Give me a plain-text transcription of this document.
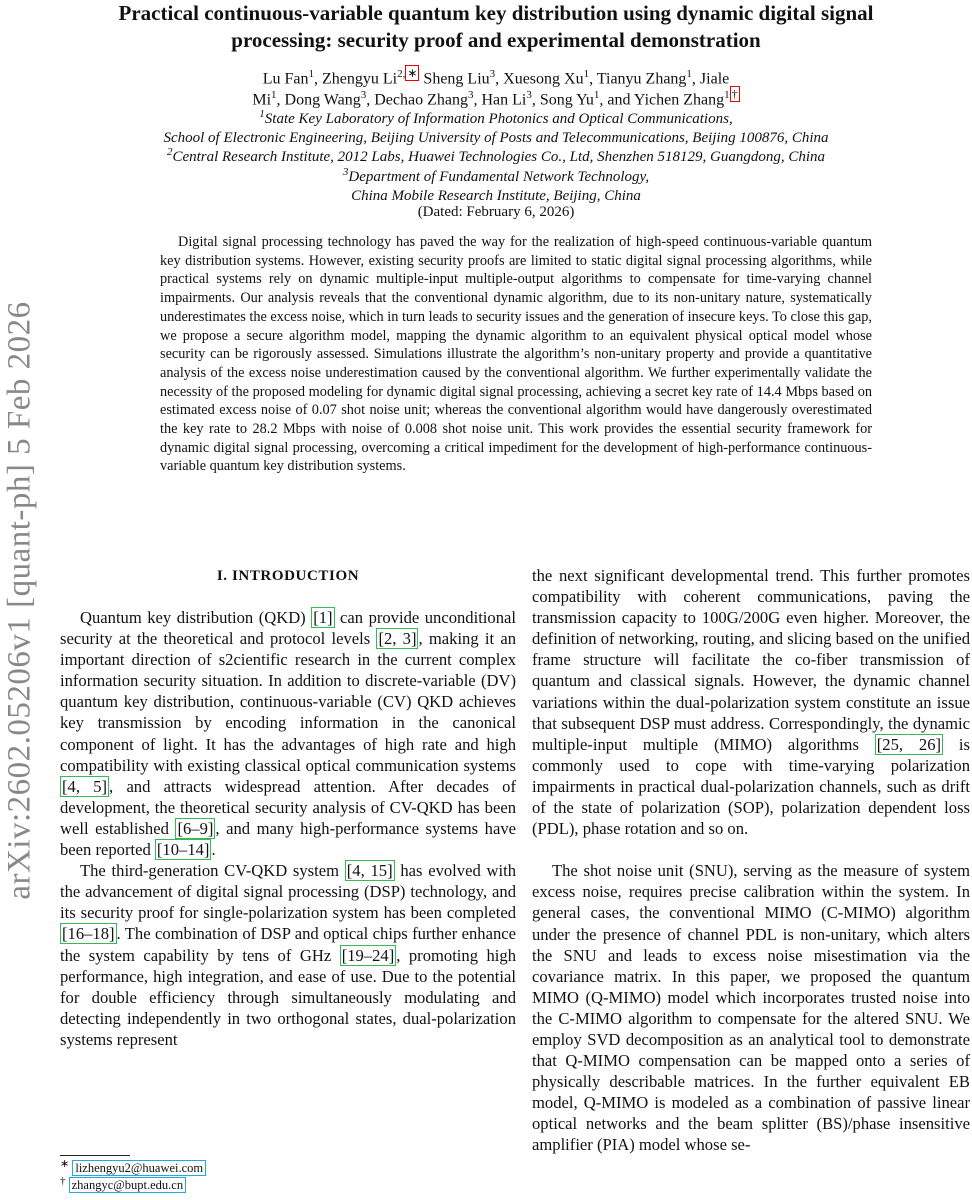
arXiv:2602.05206v1 [quant-ph] 5 Feb 2026
Practical continuous-variable quantum key distribution using dynamic digital signal
processing: security proof and experimental demonstration
Lu Fan$^1$, Zhengyu $Li^{2,}$ ∗ Sheng Liu$^3$, Xuesong Xu$^1$, Tianyu Zhang$^1$, Jiale
Mi$^1$, Dong Wang$^3$, Dechao Zhang$^3$, Han Li$^3$, Song Yu$^1$, and Yichen Zhang$^1$ †
$^1$State Key Laboratory of Information Photonics and Optical Communications,
School of Electronic Engineering, Beijing University of Posts and Telecommunications, Beijing 100876, China
$^2$Central Research Institute, 2012 Labs, Huawei Technologies Co., Ltd, Shenzhen 518129, Guangdong, China
$^3$Department of Fundamental Network Technology,
China Mobile Research Institute, Beijing, China
(Dated: February 6, 2026)

Digital signal processing technology has paved the way for the realization of high-speed continuous-variable quantum key distribution systems. However, existing security proofs are limited to static digital signal processing algorithms, while practical systems rely on dynamic multiple-input multiple-output algorithms to compensate for time-varying channel impairments. Our analysis reveals that the conventional dynamic algorithm, due to its non-unitary nature, systematically underestimates the excess noise, which in turn leads to security issues and the generation of insecure keys. To close this gap, we propose a secure algorithm model, mapping the dynamic algorithm to an equivalent physical optical model whose security can be rigorously assessed. Simulations illustrate the algorithm’s non-unitary property and provide a quantitative analysis of the excess noise underestimation caused by the conventional algorithm. We further experimentally validate the necessity of the proposed modeling for dynamic digital signal processing, achieving a secret key rate of 14.4 Mbps based on estimated excess noise of 0.07 shot noise unit; whereas the conventional algorithm would have dangerously overestimated the key rate to 28.2 Mbps with noise of 0.008 shot noise unit. This work provides the essential security framework for dynamic digital signal processing, overcoming a critical impediment for the development of high-performance continuous-variable quantum key distribution systems.

I. INTRODUCTION

Quantum key distribution (QKD) [1] can provide unconditional security at the theoretical and protocol levels [2, 3] , making it an important direction of s2cientific research in the current complex information security situation. In addition to discrete-variable (DV) quantum key distribution, continuous-variable (CV) QKD achieves key transmission by encoding information in the canonical component of light. It has the advantages of high rate and high compatibility with existing classical optical communication systems [4, 5] , and attracts widespread attention. After decades of development, the theoretical security analysis of CV-QKD has been well established [6–9] , and many high-performance systems have been reported [10–14] .

The third-generation CV-QKD system [4, 15] has evolved with the advancement of digital signal processing (DSP) technology, and its security proof for single-polarization system has been completed [16–18] . The combination of DSP and optical chips further enhance the system capability by tens of GHz [19–24] , promoting high performance, high integration, and ease of use. Due to the potential for double efficiency through simultaneously modulating and detecting independently in two orthogonal states, dual-polarization systems represent

the next significant developmental trend. This further promotes compatibility with coherent communications, paving the transmission capacity to 100G/200G even higher. Moreover, the definition of networking, routing, and slicing based on the unified frame structure will facilitate the co-fiber transmission of quantum and classical signals. However, the dynamic channel variations within the dual-polarization system constitute an issue that subsequent DSP must address. Correspondingly, the dynamic multiple-input multiple (MIMO) algorithms [25, 26] is commonly used to cope with time-varying polarization impairments in practical dual-polarization channels, such as drift of the state of polarization (SOP), polarization dependent loss (PDL), phase rotation and so on.

The shot noise unit (SNU), serving as the measure of system excess noise, requires precise calibration within the system. In general cases, the conventional MIMO (C-MIMO) algorithm under the presence of channel PDL is non-unitary, which alters the SNU and leads to excess noise misestimation via the covariance matrix. In this paper, we proposed the quantum MIMO (Q-MIMO) model which incorporates trusted noise into the C-MIMO algorithm to compensate for the altered SNU. We employ SVD decomposition as an analytical tool to demonstrate that Q-MIMO compensation can be mapped onto a series of physically describable matrices. In the further equivalent EB model, Q-MIMO is modeled as a combination of passive linear optical networks and the beam splitter (BS)/phase insensitive amplifier (PIA) model whose se-

∗ lizhengyu2@huawei.com
† zhangyc@bupt.edu.cn
